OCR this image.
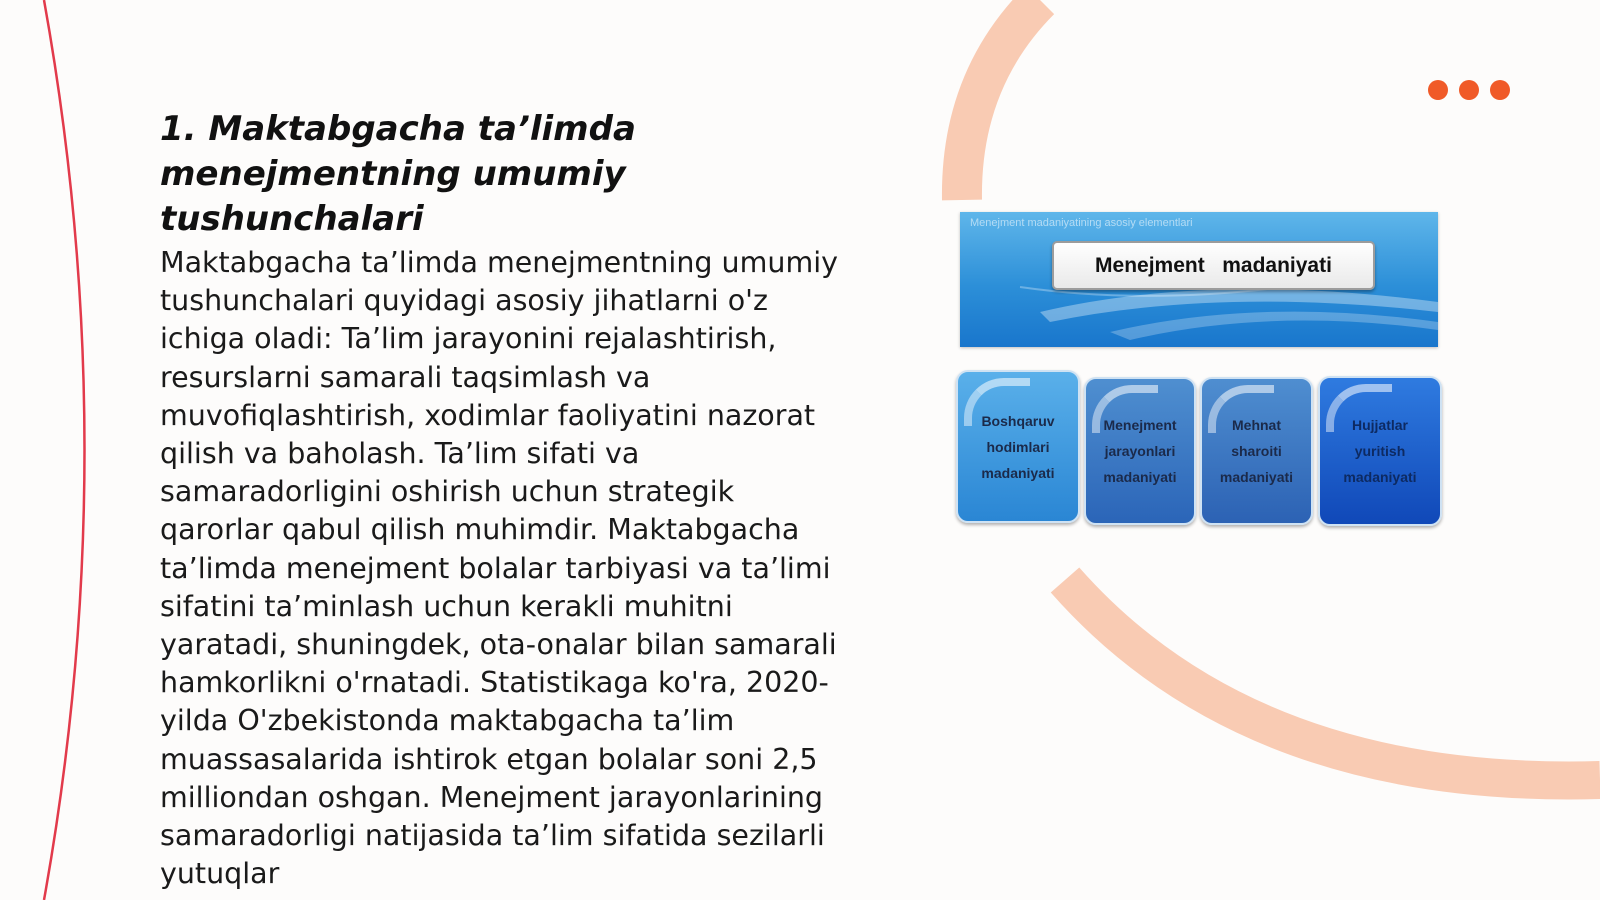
1. Maktabgacha ta’limda menejmentning umumiy tushunchalari

Maktabgacha ta’limda menejmentning umumiy tushunchalari quyidagi asosiy jihatlarni o'z ichiga oladi: Ta’lim jarayonini rejalashtirish, resurslarni samarali taqsimlash va muvofiqlashtirish, xodimlar faoliyatini nazorat qilish va baholash. Ta’lim sifati va samaradorligini oshirish uchun strategik qarorlar qabul qilish muhimdir. Maktabgacha ta’limda menejment bolalar tarbiyasi va ta’limi sifatini ta’minlash uchun kerakli muhitni yaratadi, shuningdek, ota-onalar bilan samarali hamkorlikni o'rnatadi. Statistikaga ko'ra, 2020-yilda O'zbekistonda maktabgacha ta’lim muassasalarida ishtirok etgan bolalar soni 2,5 milliondan oshgan. Menejment jarayonlarining samaradorligi natijasida ta’lim sifatida sezilarli yutuqlar

Menejment madaniyatining asosiy elementlari
Menejment   madaniyati
Boshqaruv hodimlari madaniyati
Menejment jarayonlari madaniyati
Mehnat sharoiti madaniyati
Hujjatlar yuritish madaniyati
